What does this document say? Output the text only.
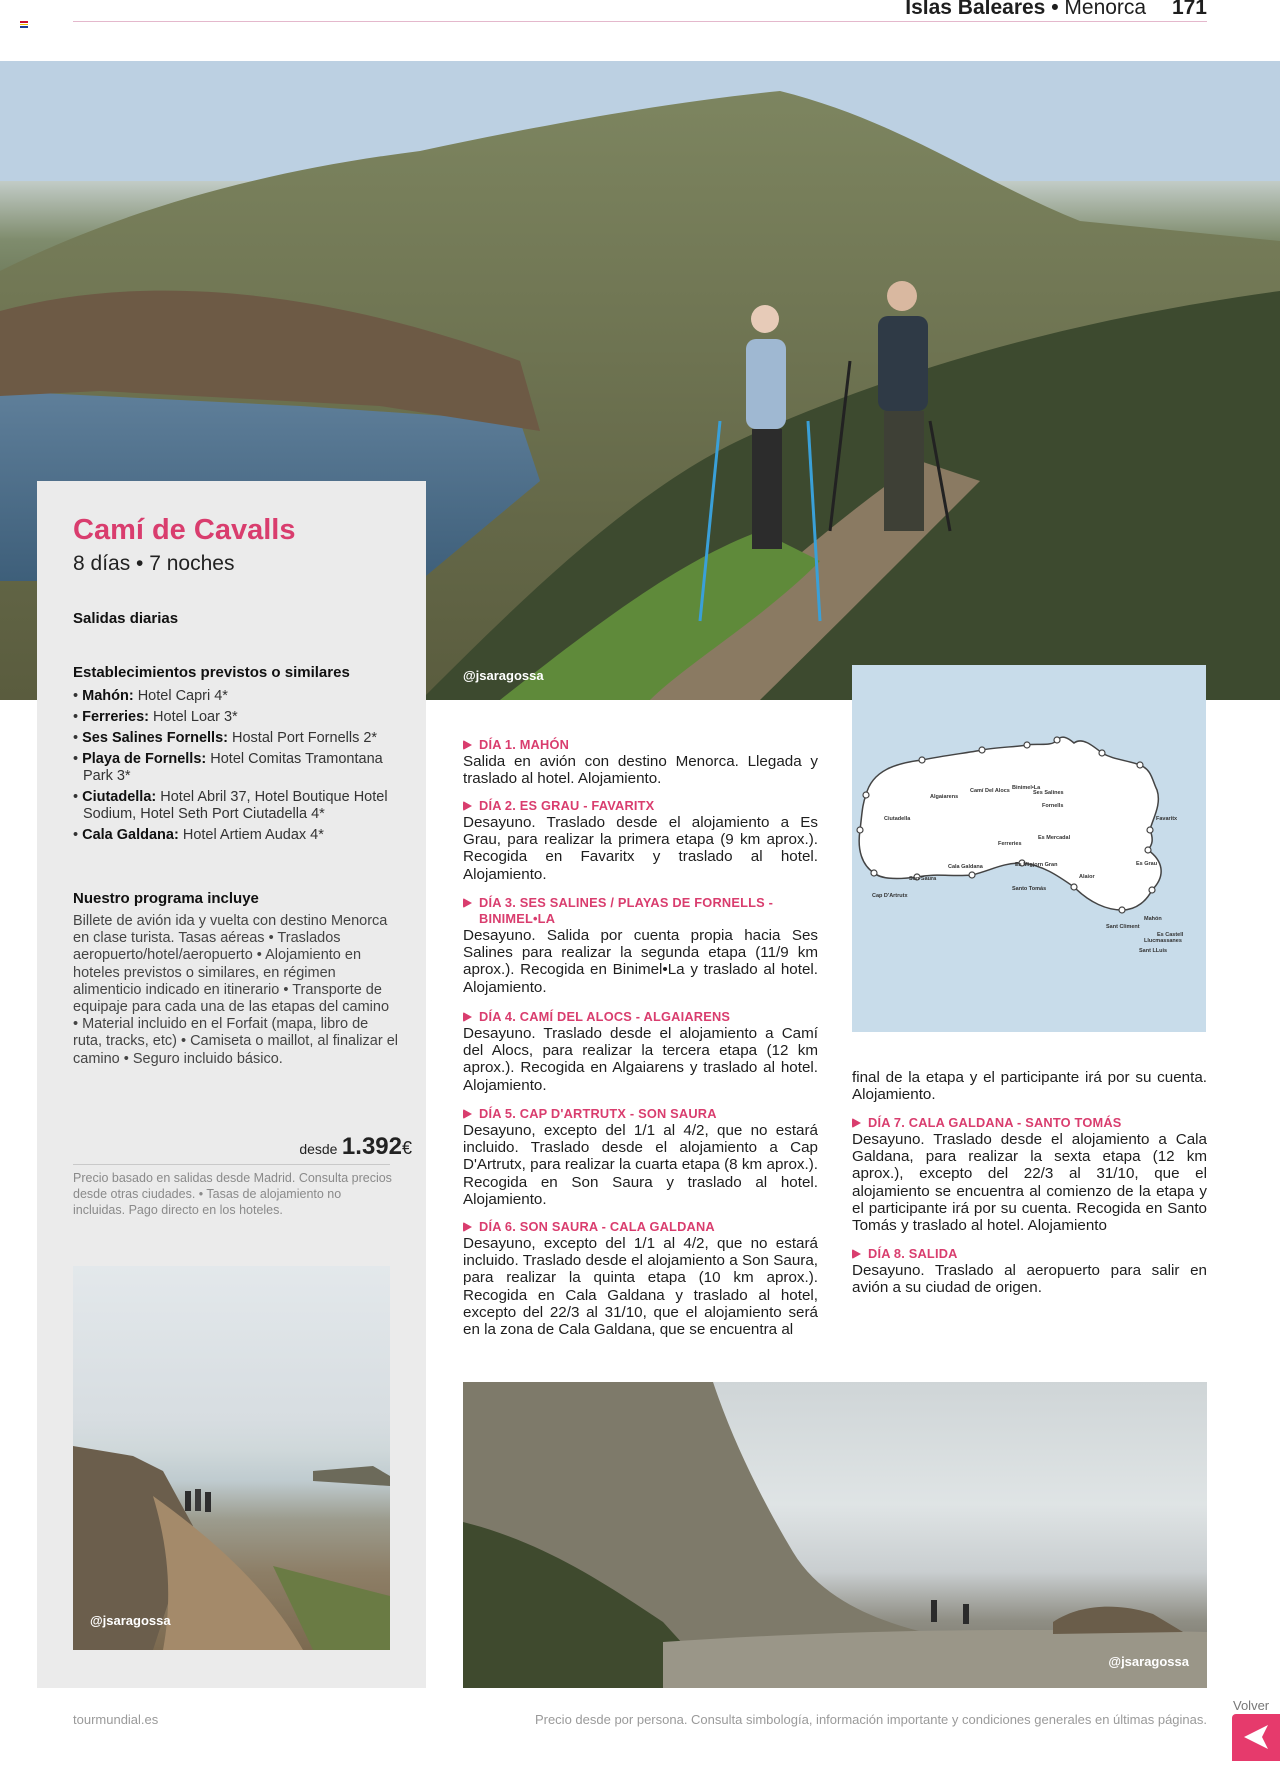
Islas Baleares • Menorca 171
@jsaragossa
Camí de Cavalls
8 días • 7 noches
Salidas diarias
Establecimientos previstos o similares
• Mahón: Hotel Capri 4*
• Ferreries: Hotel Loar 3*
• Ses Salines Fornells: Hostal Port Fornells 2*
• Playa de Fornells: Hotel Comitas Tramontana Park 3*
• Ciutadella: Hotel Abril 37, Hotel Boutique Hotel Sodium, Hotel Seth Port Ciutadella 4*
• Cala Galdana: Hotel Artiem Audax 4*
Nuestro programa incluye
Billete de avión ida y vuelta con destino Menorca en clase turista. Tasas aéreas • Traslados aeropuerto/hotel/aeropuerto • Alojamiento en hoteles previstos o similares, en régimen alimenticio indicado en itinerario • Transporte de equipaje para cada una de las etapas del camino • Material incluido en el Forfait (mapa, libro de ruta, tracks, etc) • Camiseta o maillot, al finalizar el camino • Seguro incluido básico.
desde 1.392€
Precio basado en salidas desde Madrid. Consulta precios desde otras ciudades. • Tasas de alojamiento no incluidas. Pago directo en los hoteles.
@jsaragossa
DÍA 1. MAHÓN
Salida en avión con destino Menorca. Llegada y traslado al hotel. Alojamiento.
DÍA 2. ES GRAU - FAVARITX
Desayuno. Traslado desde el alojamiento a Es Grau, para realizar la primera etapa (9 km aprox.). Recogida en Favaritx y traslado al hotel. Alojamiento.
DÍA 3. SES SALINES / PLAYAS DE FORNELLS - BINIMEL•LA
Desayuno. Salida por cuenta propia hacia Ses Salines para realizar la segunda etapa (11/9 km aprox.). Recogida en Binimel•La y traslado al hotel. Alojamiento.
DÍA 4. CAMÍ DEL ALOCS - ALGAIARENS
Desayuno. Traslado desde el alojamiento a Camí del Alocs, para realizar la tercera etapa (12 km aprox.). Recogida en Algaiarens y traslado al hotel. Alojamiento.
DÍA 5. CAP D'ARTRUTX - SON SAURA
Desayuno, excepto del 1/1 al 4/2, que no estará incluido. Traslado desde el alojamiento a Cap D'Artrutx, para realizar la cuarta etapa (8 km aprox.). Recogida en Son Saura y traslado al hotel. Alojamiento.
DÍA 6. SON SAURA - CALA GALDANA
Desayuno, excepto del 1/1 al 4/2, que no estará incluido. Traslado desde el alojamiento a Son Saura, para realizar la quinta etapa (10 km aprox.). Recogida en Cala Galdana y traslado al hotel, excepto del 22/3 al 31/10, que el alojamiento será en la zona de Cala Galdana, que se encuentra al
Algaiarens
Camí Del Alocs Binimel•La
Ses Salines
Fornells
Ciutadella	Favaritx
Ferreries
Es Mercadal
Es Grau
Cala Galdana	Es Migjorn Gran
Son Saura	Alaior
Santo Tomás
Cap D'Artrutx
Mahón
Sant Climent
Es Castell
Llucmassanes
Sant LLuis
final de la etapa y el participante irá por su cuenta. Alojamiento.
DÍA 7. CALA GALDANA - SANTO TOMÁS
Desayuno. Traslado desde el alojamiento a Cala Galdana, para realizar la sexta etapa (12 km aprox.), excepto del 22/3 al 31/10, que el alojamiento se encuentra al comienzo de la etapa y el participante irá por su cuenta. Recogida en Santo Tomás y traslado al hotel. Alojamiento
DÍA 8. SALIDA
Desayuno. Traslado al aeropuerto para salir en avión a su ciudad de origen.
@jsaragossa
tourmundial.es	Precio desde por persona. Consulta simbología, información importante y condiciones generales en últimas páginas.
Volver
